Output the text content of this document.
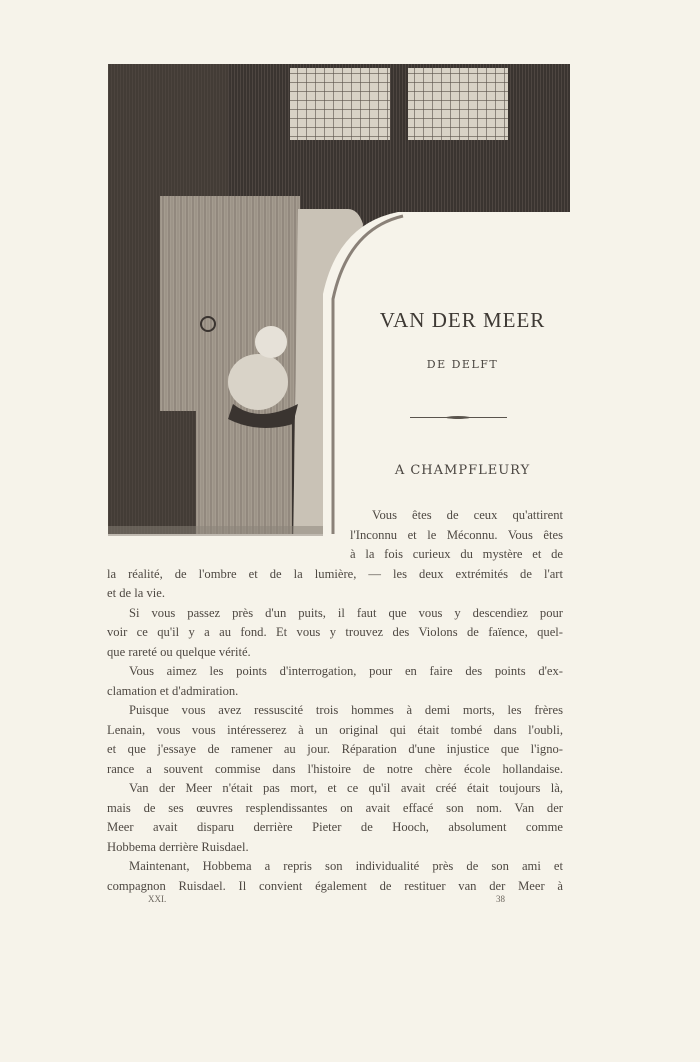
VAN DER MEER
DE DELFT
A CHAMPFLEURY
Vous êtes de ceux qu'attirent
l'Inconnu et le Méconnu. Vous êtes
à la fois curieux du mystère et de
la réalité, de l'ombre et de la lumière, — les deux extrémités de l'art
et de la vie.
Si vous passez près d'un puits, il faut que vous y descendiez pour
voir ce qu'il y a au fond. Et vous y trouvez des Violons de faïence, quel-
que rareté ou quelque vérité.
Vous aimez les points d'interrogation, pour en faire des points d'ex-
clamation et d'admiration.
Puisque vous avez ressuscité trois hommes à demi morts, les frères
Lenain, vous vous intéresserez à un original qui était tombé dans l'oubli,
et que j'essaye de ramener au jour. Réparation d'une injustice que l'igno-
rance a souvent commise dans l'histoire de notre chère école hollandaise.
Van der Meer n'était pas mort, et ce qu'il avait créé était toujours là,
mais de ses œuvres resplendissantes on avait effacé son nom. Van der
Meer avait disparu derrière Pieter de Hooch, absolument comme
Hobbema derrière Ruisdael.
Maintenant, Hobbema a repris son individualité près de son ami et
compagnon Ruisdael. Il convient également de restituer van der Meer à
XXI.	38
